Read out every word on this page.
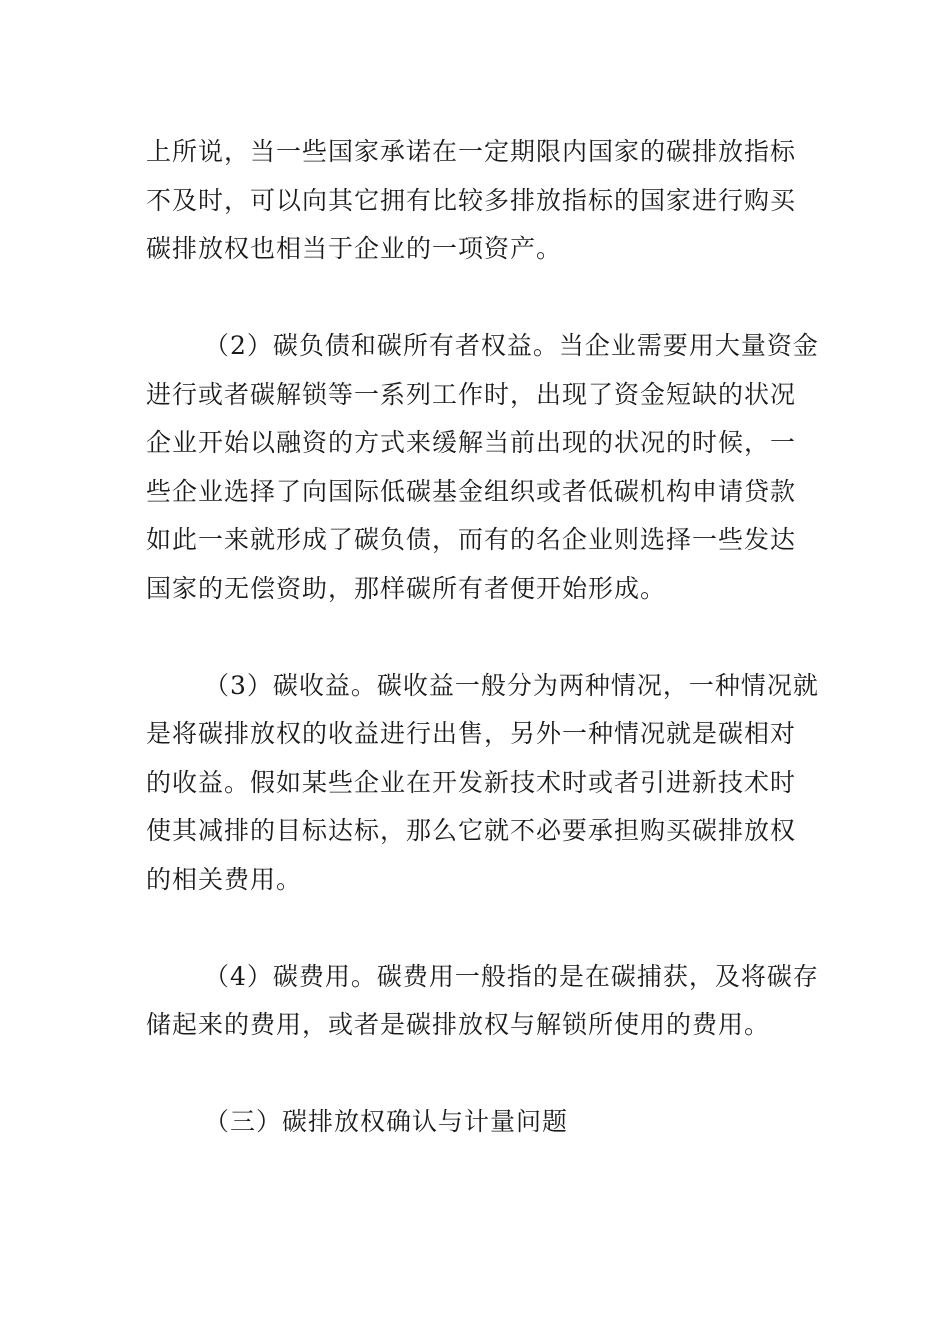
上所说，当一些国家承诺在一定期限内国家的碳排放指标
不及时，可以向其它拥有比较多排放指标的国家进行购买
碳排放权也相当于企业的一项资产。
（2）碳负债和碳所有者权益。当企业需要用大量资金
进行或者碳解锁等一系列工作时，出现了资金短缺的状况
企业开始以融资的方式来缓解当前出现的状况的时候，一
些企业选择了向国际低碳基金组织或者低碳机构申请贷款
如此一来就形成了碳负债，而有的名企业则选择一些发达
国家的无偿资助，那样碳所有者便开始形成。
（3）碳收益。碳收益一般分为两种情况，一种情况就
是将碳排放权的收益进行出售，另外一种情况就是碳相对
的收益。假如某些企业在开发新技术时或者引进新技术时
使其减排的目标达标，那么它就不必要承担购买碳排放权
的相关费用。
（4）碳费用。碳费用一般指的是在碳捕获，及将碳存
储起来的费用，或者是碳排放权与解锁所使用的费用。
（三）碳排放权确认与计量问题
